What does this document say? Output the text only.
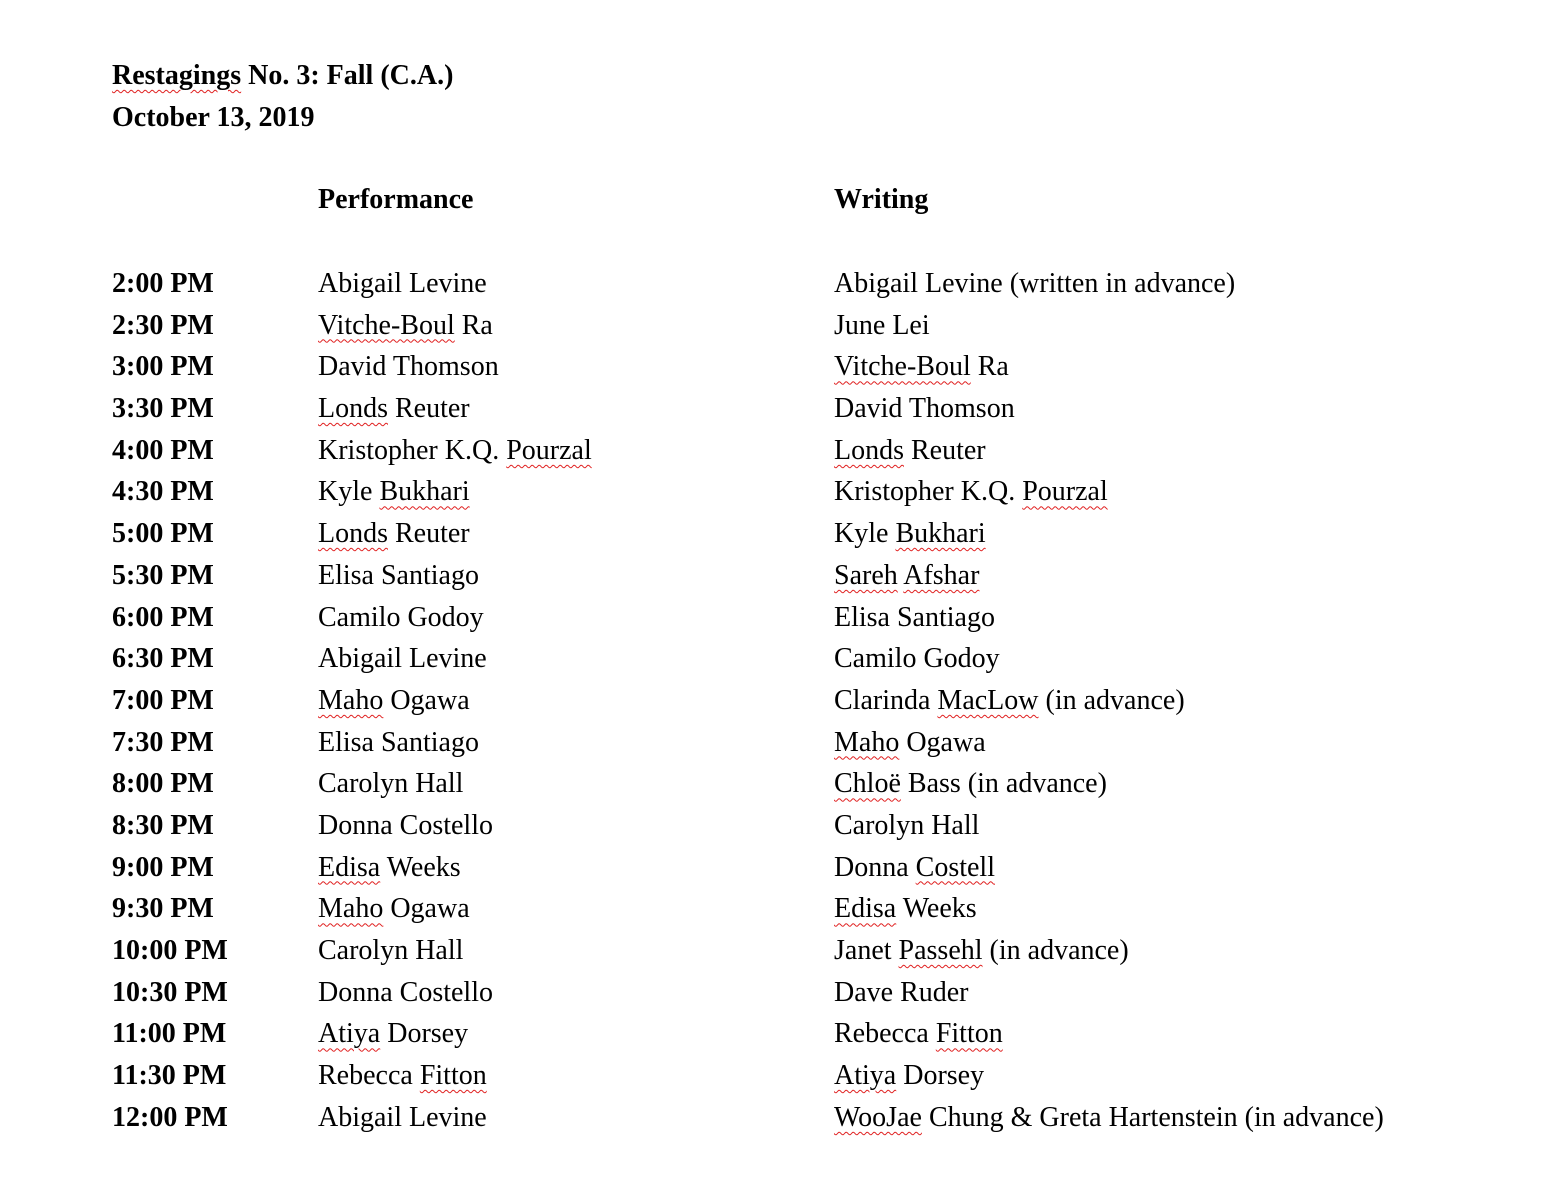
Restagings No. 3: Fall (C.A.)
October 13, 2019
Performance	Writing
2:00 PM	Abigail Levine	Abigail Levine (written in advance)
2:30 PM	Vitche-Boul Ra	June Lei
3:00 PM	David Thomson	Vitche-Boul Ra
3:30 PM	Londs Reuter	David Thomson
4:00 PM	Kristopher K.Q. Pourzal	Londs Reuter
4:30 PM	Kyle Bukhari	Kristopher K.Q. Pourzal
5:00 PM	Londs Reuter	Kyle Bukhari
5:30 PM	Elisa Santiago	Sareh Afshar
6:00 PM	Camilo Godoy	Elisa Santiago
6:30 PM	Abigail Levine	Camilo Godoy
7:00 PM	Maho Ogawa	Clarinda MacLow (in advance)
7:30 PM	Elisa Santiago	Maho Ogawa
8:00 PM	Carolyn Hall	Chloë Bass (in advance)
8:30 PM	Donna Costello	Carolyn Hall
9:00 PM	Edisa Weeks	Donna Costell
9:30 PM	Maho Ogawa	Edisa Weeks
10:00 PM	Carolyn Hall	Janet Passehl (in advance)
10:30 PM	Donna Costello	Dave Ruder
11:00 PM	Atiya Dorsey	Rebecca Fitton
11:30 PM	Rebecca Fitton	Atiya Dorsey
12:00 PM	Abigail Levine	WooJae Chung & Greta Hartenstein (in advance)
